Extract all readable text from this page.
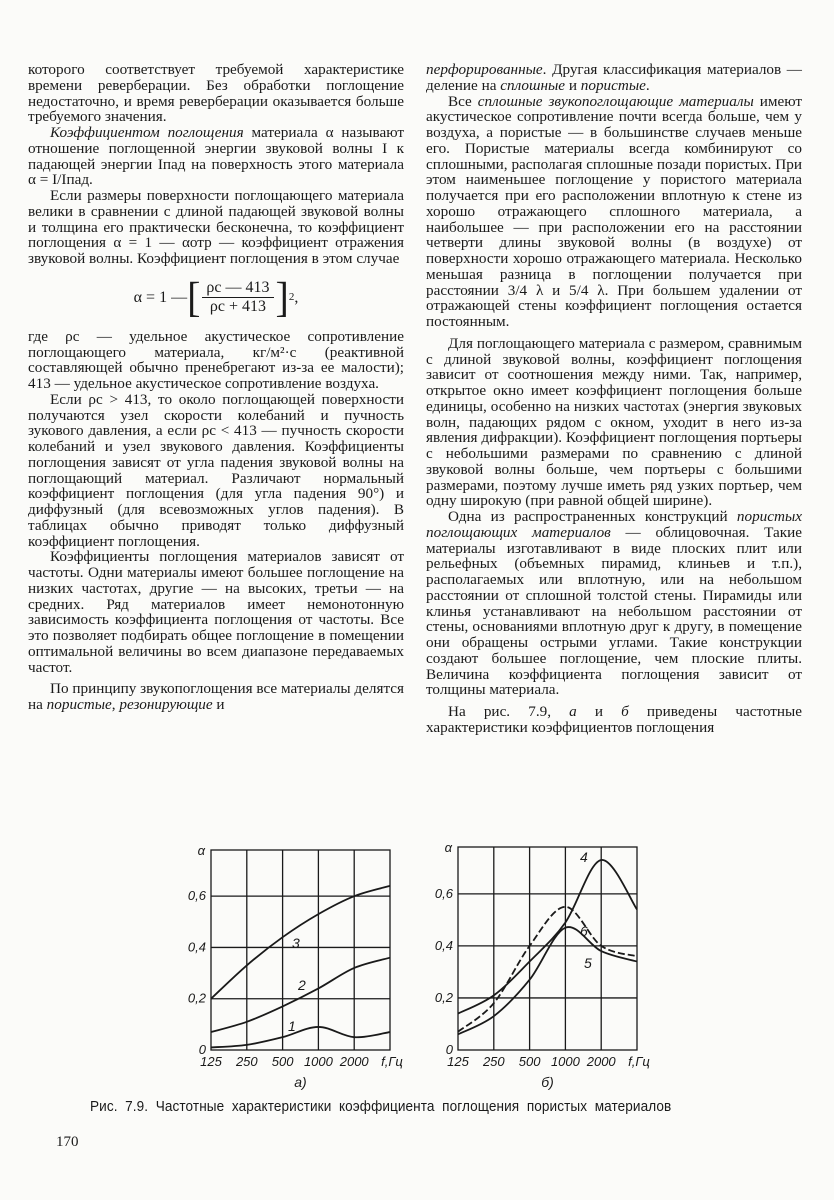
которого соответствует требуемой характеристике времени реверберации. Без обработки поглощение недостаточно, и время реверберации оказывается больше требуемого значения.

Коэффициентом поглощения материала α называют отношение поглощенной энергии звуковой волны I к падающей энергии Iпад на поверхность этого материала α = I/Iпад.

Если размеры поверхности поглощающего материала велики в сравнении с длиной падающей звуковой волны и толщина его практически бесконечна, то коэффициент поглощения α = 1 — αотр — коэффициент отражения звуковой волны. Коэффициент поглощения в этом случае

α = 1 — [ $\frac{\rho c — 413}{\rho c + 413}$ ] 2 ,

где ρc — удельное акустическое сопротивление поглощающего материала, кг/м²·с (реактивной составляющей обычно пренебрегают из-за ее малости); 413 — удельное акустическое сопротивление воздуха.

Если ρc > 413, то около поглощающей поверхности получаются узел скорости колебаний и пучность зукового давления, а если ρc < 413 — пучность скорости колебаний и узел звукового давления. Коэффициенты поглощения зависят от угла падения звуковой волны на поглощающий материал. Различают нормальный коэффициент поглощения (для угла падения 90°) и диффузный (для всевозможных углов падения). В таблицах обычно приводят только диффузный коэффициент поглощения.

Коэффициенты поглощения материалов зависят от частоты. Одни материалы имеют большее поглощение на низких частотах, другие — на высоких, третьи — на средних. Ряд материалов имеет немонотонную зависимость коэффициента поглощения от частоты. Все это позволяет подбирать общее поглощение в помещении оптимальной величины во всем диапазоне передаваемых частот.

По принципу звукопоглощения все материалы делятся на пористые, резонирующие и

перфорированные. Другая классификация материалов — деление на сплошные и пористые.

Все сплошные звукопоглощающие материалы имеют акустическое сопротивление почти всегда больше, чем у воздуха, а пористые — в большинстве случаев меньше его. Пористые материалы всегда комбинируют со сплошными, располагая сплошные позади пористых. При этом наименьшее поглощение у пористого материала получается при его расположении вплотную к стене из хорошо отражающего сплошного материала, а наибольшее — при расположении его на расстоянии четверти длины звуковой волны (в воздухе) от поверхности хорошо отражающего материала. Несколько меньшая разница в поглощении получается при расстоянии 3/4 λ и 5/4 λ. При большем удалении от отражающей стены коэффициент поглощения остается постоянным.

Для поглощающего материала с размером, сравнимым с длиной звуковой волны, коэффициент поглощения зависит от соотношения между ними. Так, например, открытое окно имеет коэффициент поглощения больше единицы, особенно на низких частотах (энергия звуковых волн, падающих рядом с окном, уходит в него из-за явления дифракции). Коэффициент поглощения портьеры с небольшими размерами по сравнению с длиной звуковой волны больше, чем портьеры с большими размерами, поэтому лучше иметь ряд узких портьер, чем одну широкую (при равной общей ширине).

Одна из распространенных конструкций пористых поглощающих материалов — облицовочная. Такие материалы изготавливают в виде плоских плит или рельефных (объемных пирамид, клиньев и т.п.), располагаемых или вплотную, или на небольшом расстоянии от сплошной толстой стены. Пирамиды или клинья устанавливают на небольшом расстоянии от стены, основаниями вплотную друг к другу, в помещение они обращены острыми углами. Такие конструкции создают большее поглощение, чем плоские плиты. Величина коэффициента поглощения зависит от толщины материала.

На рис. 7.9, а и б приведены частотные характеристики коэффициентов поглощения

0
0,2
0,4
0,6
α
125 250 500 1000 2000 f,Гц
а)
1
2
3
0
0,2
0,4
0,6
α
125 250 500 1000 2000 f,Гц
б)
4
5
6
Рис. 7.9. Частотные характеристики коэффициента поглощения пористых материалов
170
